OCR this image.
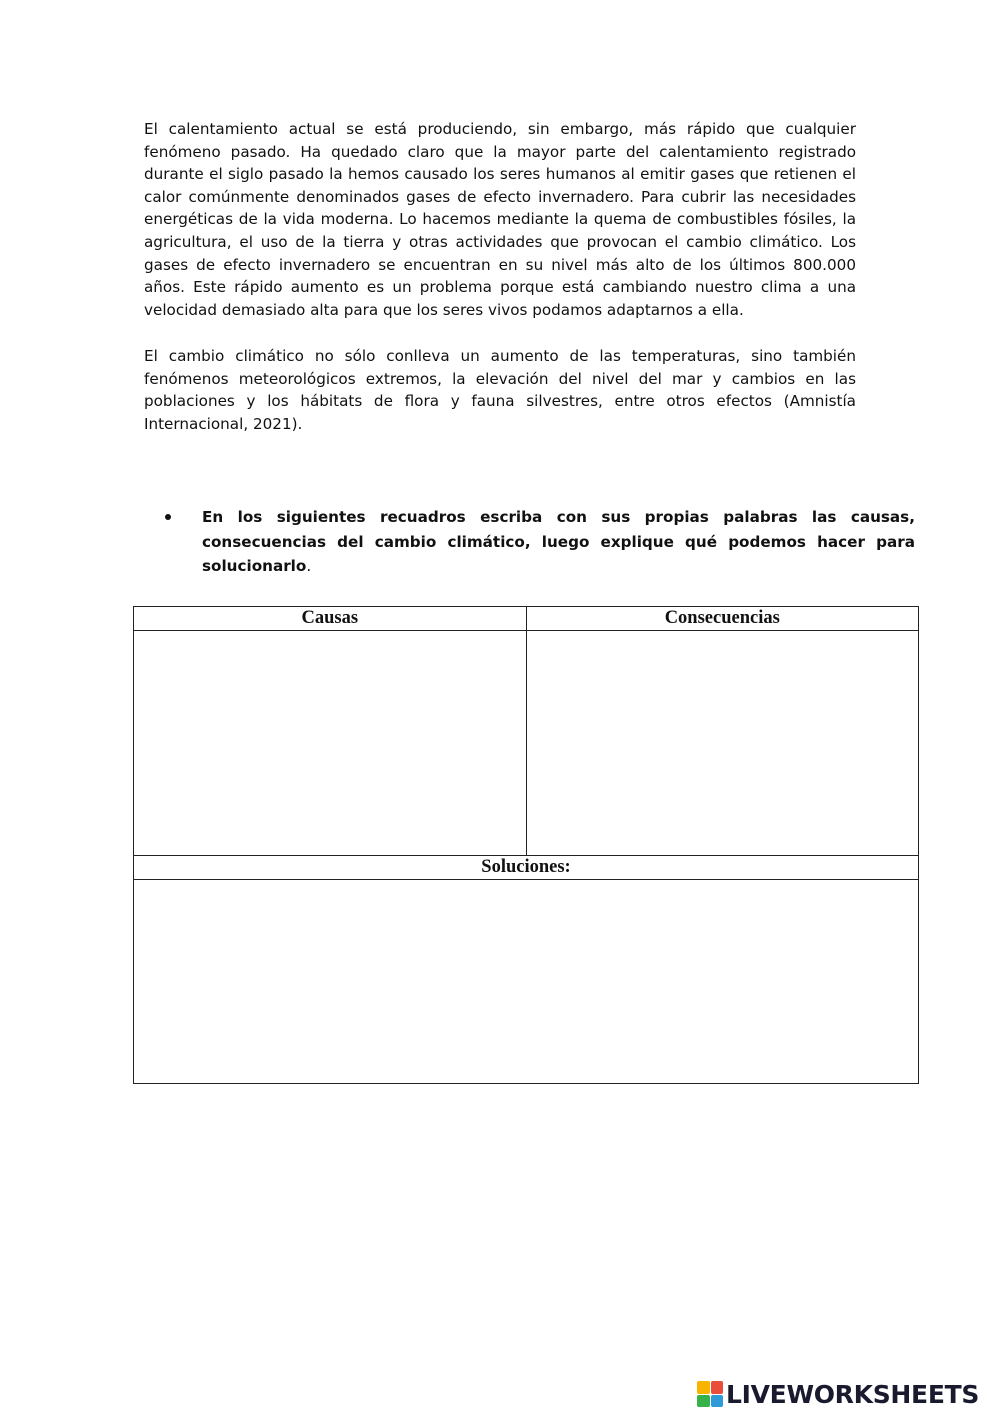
El calentamiento actual se está produciendo, sin embargo, más rápido que cualquier fenómeno pasado. Ha quedado claro que la mayor parte del calentamiento registrado durante el siglo pasado la hemos causado los seres humanos al emitir gases que retienen el calor comúnmente denominados gases de efecto invernadero. Para cubrir las necesidades energéticas de la vida moderna. Lo hacemos mediante la quema de combustibles fósiles, la agricultura, el uso de la tierra y otras actividades que provocan el cambio climático. Los gases de efecto invernadero se encuentran en su nivel más alto de los últimos 800.000 años. Este rápido aumento es un problema porque está cambiando nuestro clima a una velocidad demasiado alta para que los seres vivos podamos adaptarnos a ella.

El cambio climático no sólo conlleva un aumento de las temperaturas, sino también fenómenos meteorológicos extremos, la elevación del nivel del mar y cambios en las poblaciones y los hábitats de flora y fauna silvestres, entre otros efectos (Amnistía Internacional, 2021).

En los siguientes recuadros escriba con sus propias palabras las causas, consecuencias del cambio climático, luego explique qué podemos hacer para solucionarlo.

Causas	Consecuencias

Soluciones:	

LIVEWORKSHEETS
